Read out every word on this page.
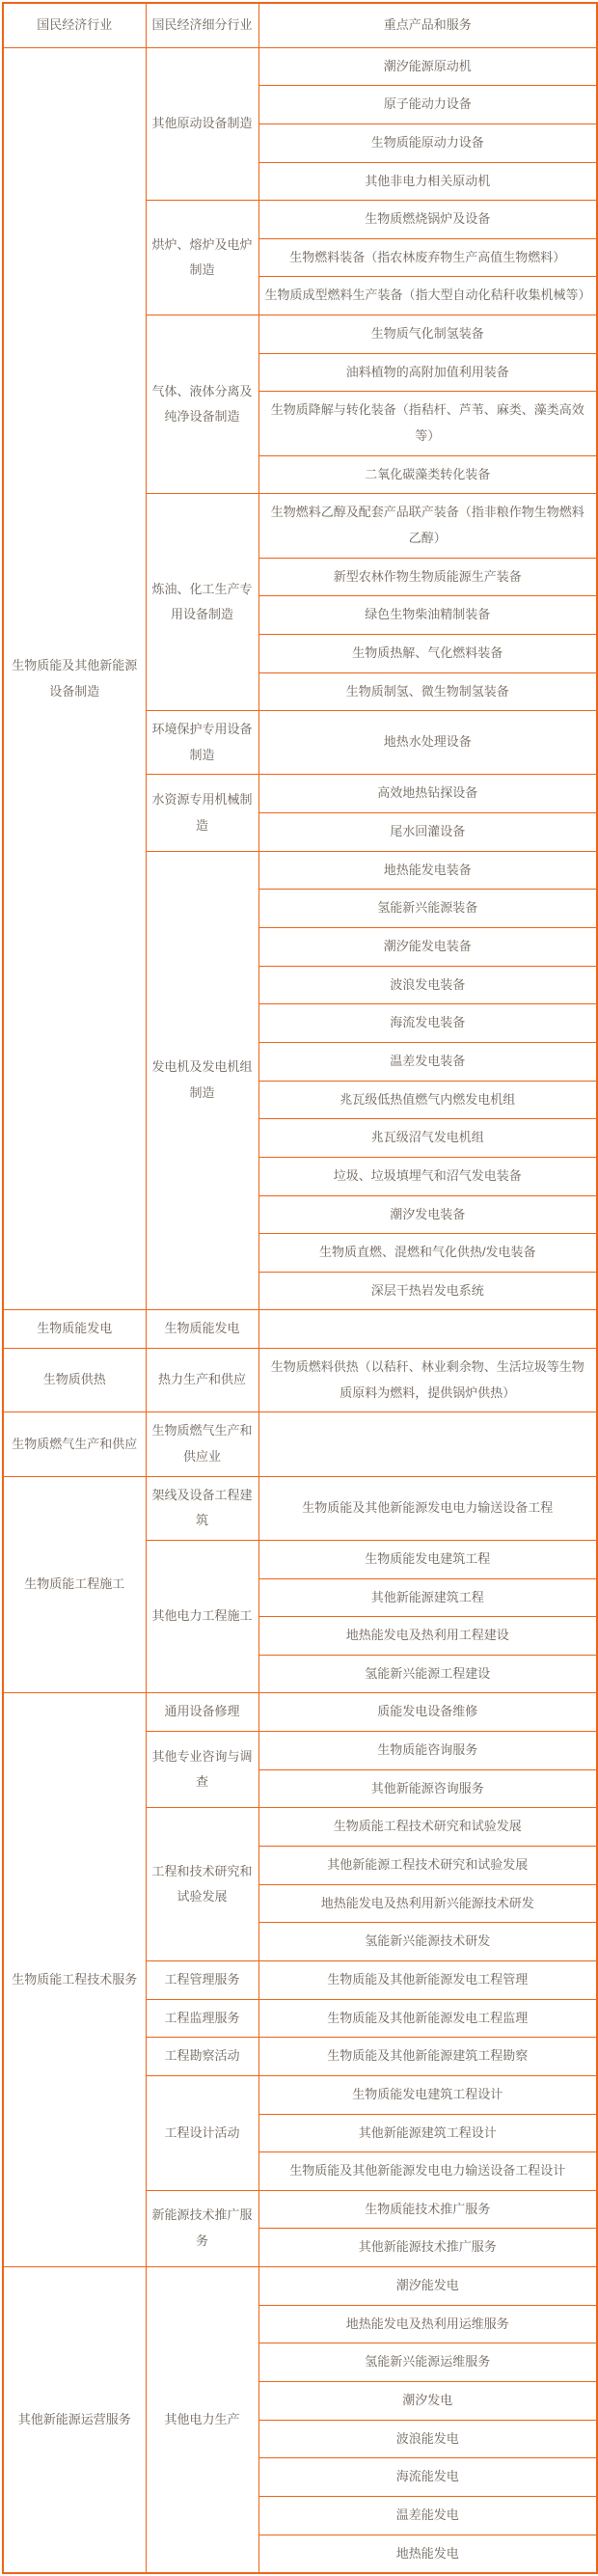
国民经济行业	国民经济细分行业	重点产品和服务
生物质能及其他新能源设备制造	其他原动设备制造	潮汐能源原动机
		原子能动力设备
		生物质能原动力设备
		其他非电力相关原动机
	烘炉、熔炉及电炉制造	生物质燃烧锅炉及设备
		生物燃料装备（指农林废弃物生产高值生物燃料）
		生物质成型燃料生产装备（指大型自动化秸秆收集机械等）
	气体、液体分离及纯净设备制造	生物质气化制氢装备
		油料植物的高附加值利用装备
		生物质降解与转化装备（指秸杆、芦苇、麻类、藻类高效等）
		二氧化碳藻类转化装备
	炼油、化工生产专用设备制造	生物燃料乙醇及配套产品联产装备（指非粮作物生物燃料乙醇）
		新型农林作物生物质能源生产装备
		绿色生物柴油精制装备
		生物质热解、气化燃料装备
		生物质制氢、微生物制氢装备
	环境保护专用设备制造	地热水处理设备
	水资源专用机械制造	高效地热钻探设备
		尾水回灌设备
	发电机及发电机组制造	地热能发电装备
		氢能新兴能源装备
		潮汐能发电装备
		波浪发电装备
		海流发电装备
		温差发电装备
		兆瓦级低热值燃气内燃发电机组
		兆瓦级沼气发电机组
		垃圾、垃圾填埋气和沼气发电装备
		潮汐发电装备
		生物质直燃、混燃和气化供热/发电装备
		深层干热岩发电系统
生物质能发电	生物质能发电	
生物质供热	热力生产和供应	生物质燃料供热（以秸秆、林业剩余物、生活垃圾等生物质原料为燃料，提供锅炉供热）
生物质燃气生产和供应	生物质燃气生产和供应业	
生物质能工程施工	架线及设备工程建筑	生物质能及其他新能源发电电力输送设备工程
	其他电力工程施工	生物质能发电建筑工程
		其他新能源建筑工程
		地热能发电及热利用工程建设
		氢能新兴能源工程建设
生物质能工程技术服务	通用设备修理	质能发电设备维修
	其他专业咨询与调查	生物质能咨询服务
		其他新能源咨询服务
	工程和技术研究和试验发展	生物质能工程技术研究和试验发展
		其他新能源工程技术研究和试验发展
		地热能发电及热利用新兴能源技术研发
		氢能新兴能源技术研发
	工程管理服务	生物质能及其他新能源发电工程管理
	工程监理服务	生物质能及其他新能源发电工程监理
	工程勘察活动	生物质能及其他新能源建筑工程勘察
	工程设计活动	生物质能发电建筑工程设计
		其他新能源建筑工程设计
		生物质能及其他新能源发电电力输送设备工程设计
	新能源技术推广服务	生物质能技术推广服务
		其他新能源技术推广服务
其他新能源运营服务	其他电力生产	潮汐能发电
		地热能发电及热利用运维服务
		氢能新兴能源运维服务
		潮汐发电
		波浪能发电
		海流能发电
		温差能发电
		地热能发电
